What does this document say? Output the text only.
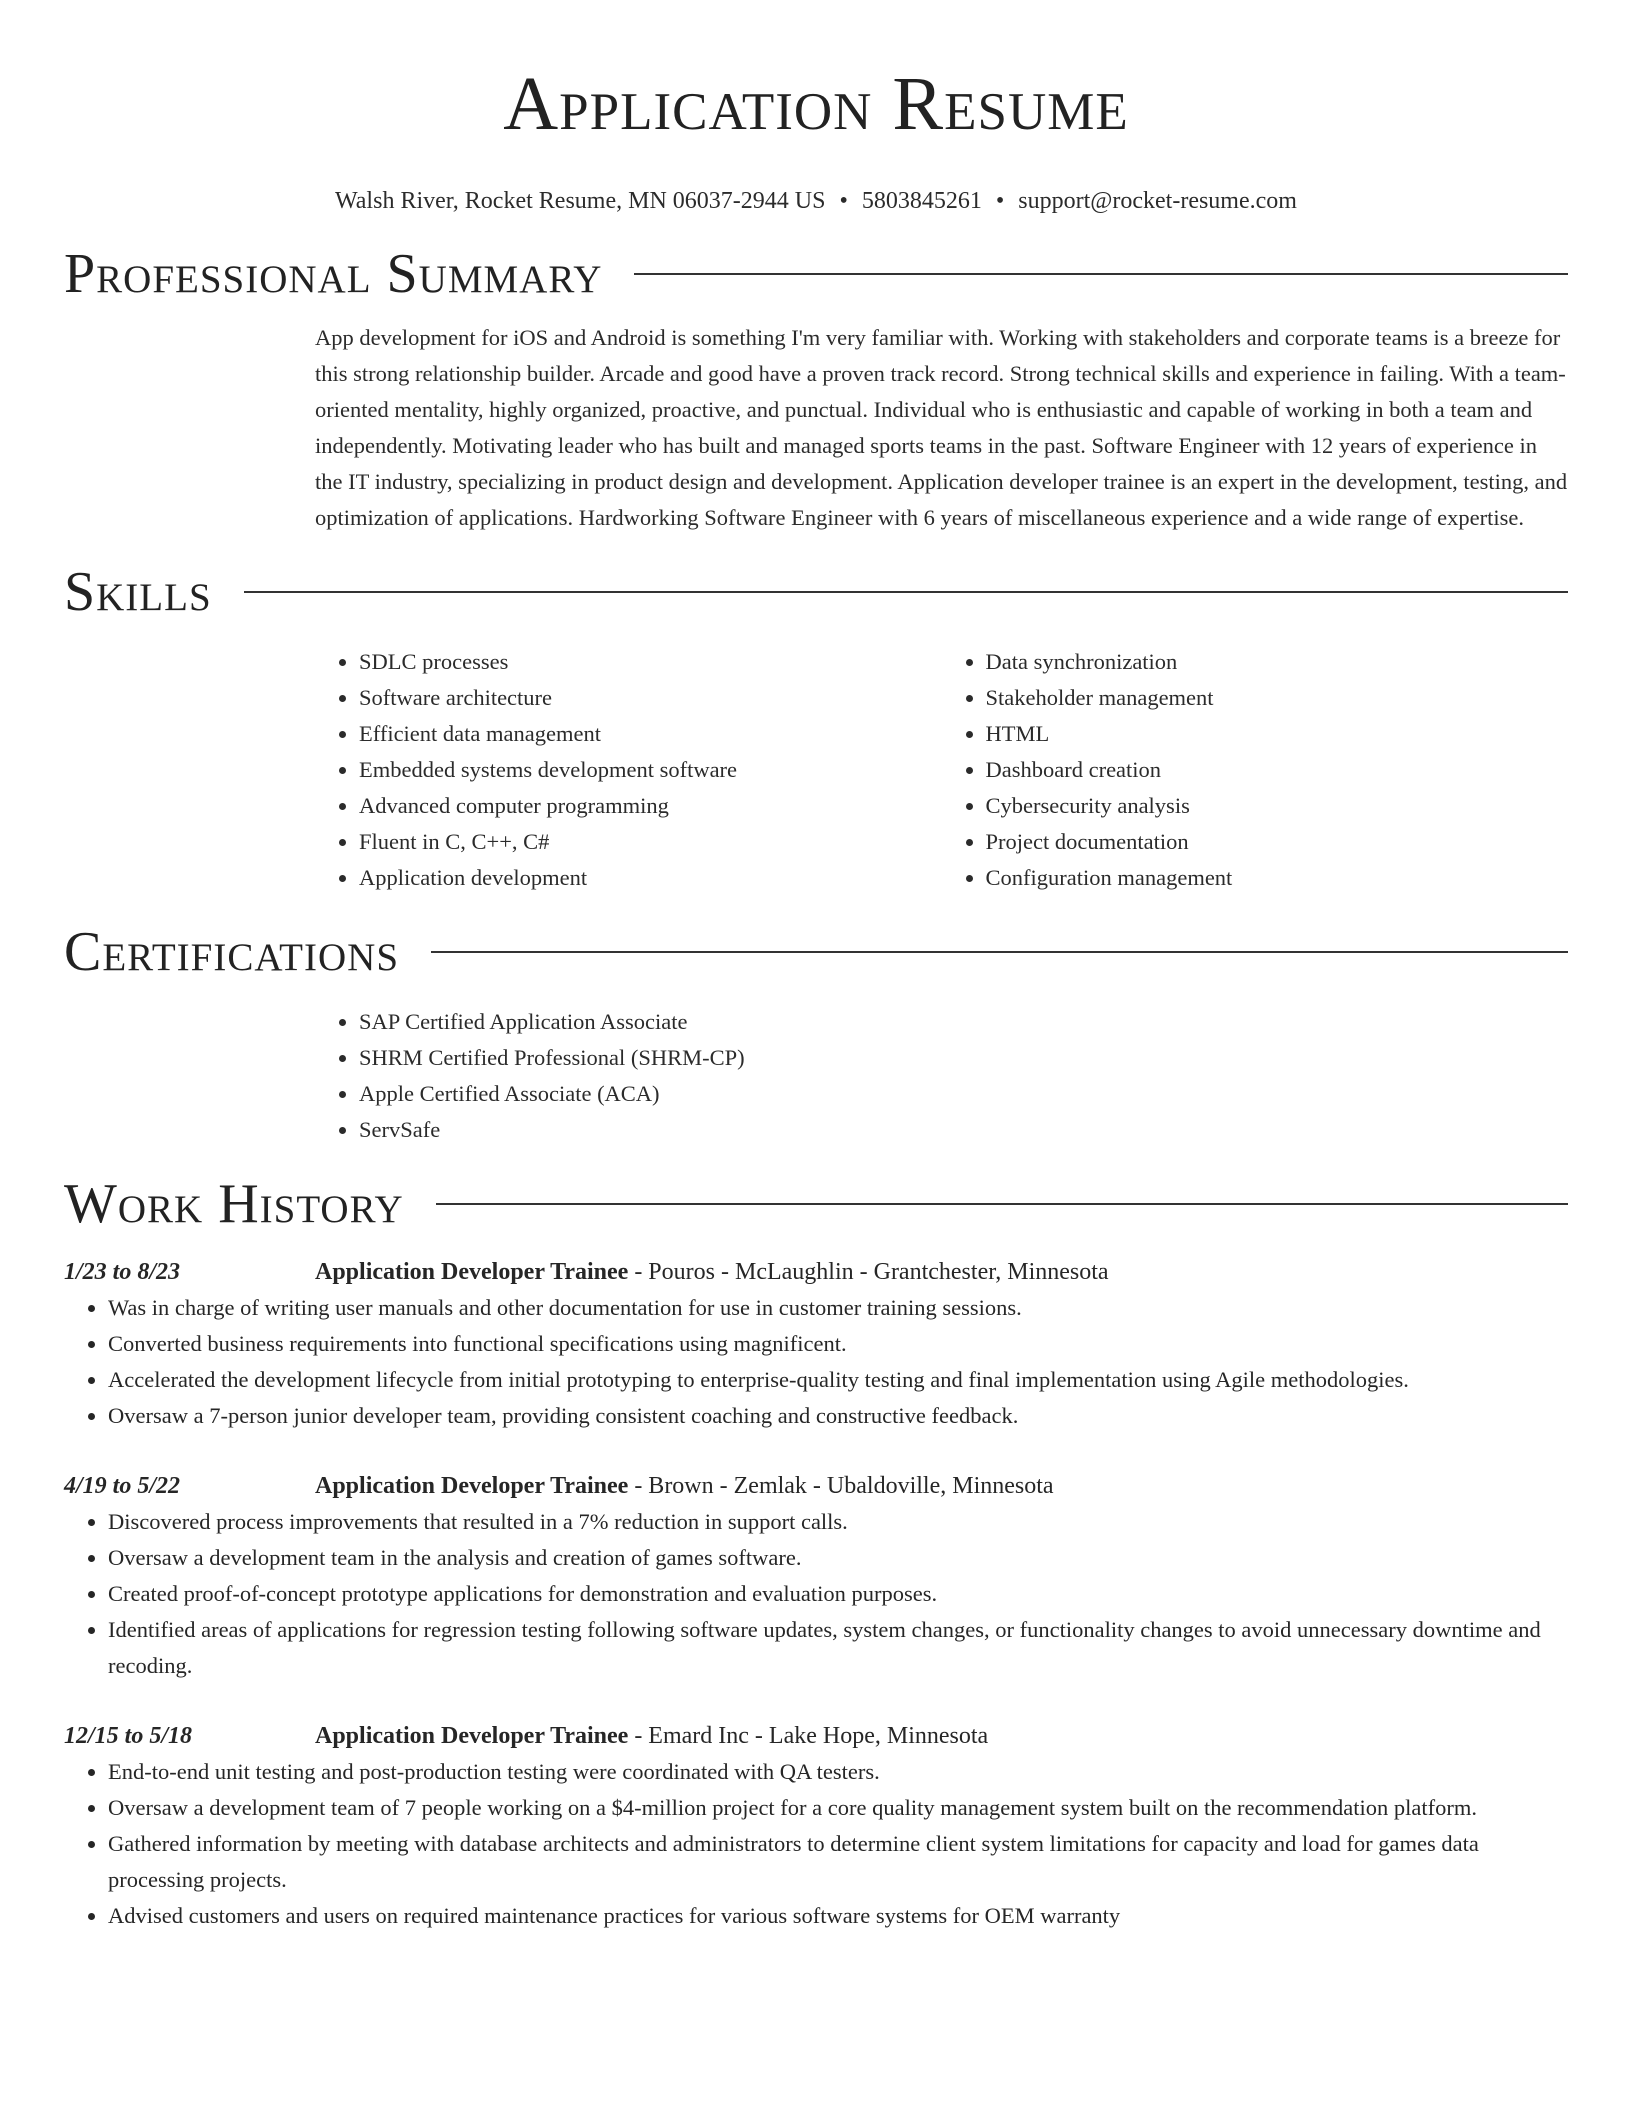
Application Resume
Walsh River, Rocket Resume, MN 06037-2944 US • 5803845261 • support@rocket-resume.com
Professional Summary

App development for iOS and Android is something I'm very familiar with. Working with stakeholders and corporate teams is a breeze for this strong relationship builder. Arcade and good have a proven track record. Strong technical skills and experience in failing. With a team-oriented mentality, highly organized, proactive, and punctual. Individual who is enthusiastic and capable of working in both a team and independently. Motivating leader who has built and managed sports teams in the past. Software Engineer with 12 years of experience in the IT industry, specializing in product design and development. Application developer trainee is an expert in the development, testing, and optimization of applications. Hardworking Software Engineer with 6 years of miscellaneous experience and a wide range of expertise.

Skills
• SDLC processes
• Software architecture
• Efficient data management
• Embedded systems development software
• Advanced computer programming
• Fluent in C, C++, C#
• Application development
• Data synchronization
• Stakeholder management
• HTML
• Dashboard creation
• Cybersecurity analysis
• Project documentation
• Configuration management
Certifications
• SAP Certified Application Associate
• SHRM Certified Professional (SHRM-CP)
• Apple Certified Associate (ACA)
• ServSafe
Work History
1/23 to 8/23	Application Developer Trainee - Pouros - McLaughlin - Grantchester, Minnesota
• Was in charge of writing user manuals and other documentation for use in customer training sessions.
• Converted business requirements into functional specifications using magnificent.
• Accelerated the development lifecycle from initial prototyping to enterprise-quality testing and final implementation using Agile methodologies.
• Oversaw a 7-person junior developer team, providing consistent coaching and constructive feedback.
4/19 to 5/22	Application Developer Trainee - Brown - Zemlak - Ubaldoville, Minnesota
• Discovered process improvements that resulted in a 7% reduction in support calls.
• Oversaw a development team in the analysis and creation of games software.
• Created proof-of-concept prototype applications for demonstration and evaluation purposes.
• Identified areas of applications for regression testing following software updates, system changes, or functionality changes to avoid unnecessary downtime and recoding.
12/15 to 5/18	Application Developer Trainee - Emard Inc - Lake Hope, Minnesota
• End-to-end unit testing and post-production testing were coordinated with QA testers.
• Oversaw a development team of 7 people working on a $4-million project for a core quality management system built on the recommendation platform.
• Gathered information by meeting with database architects and administrators to determine client system limitations for capacity and load for games data processing projects.
• Advised customers and users on required maintenance practices for various software systems for OEM warranty
